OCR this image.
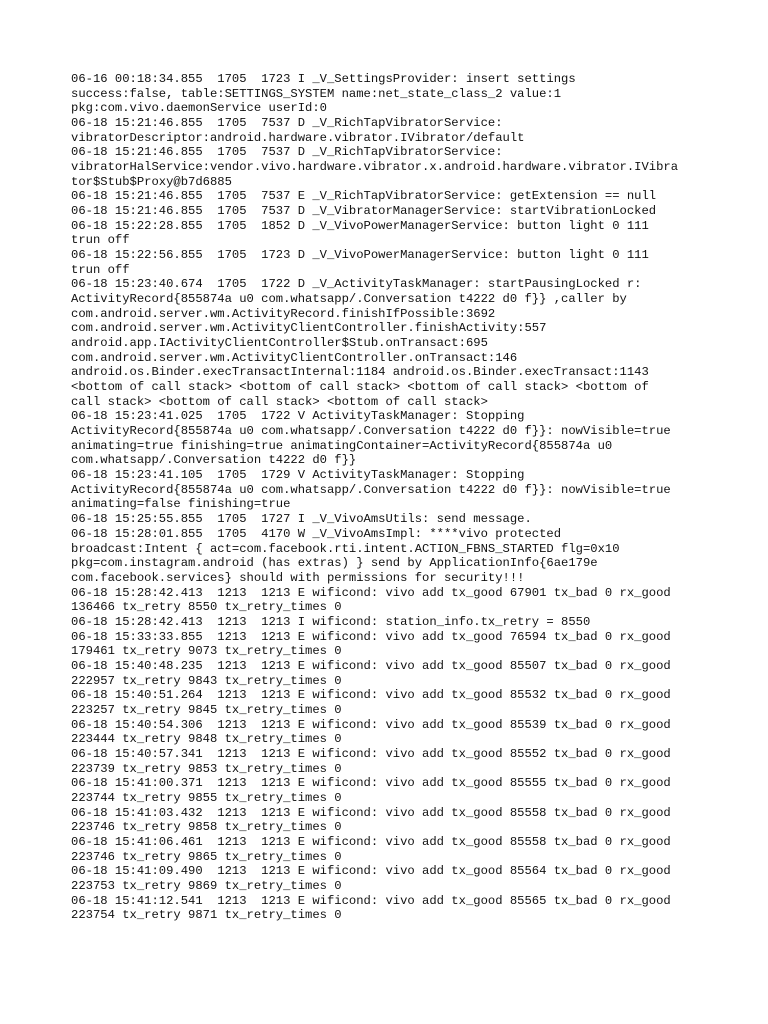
06-16 00:18:34.855  1705  1723 I _V_SettingsProvider: insert settings
success:false, table:SETTINGS_SYSTEM name:net_state_class_2 value:1
pkg:com.vivo.daemonService userId:0
06-18 15:21:46.855  1705  7537 D _V_RichTapVibratorService:
vibratorDescriptor:android.hardware.vibrator.IVibrator/default
06-18 15:21:46.855  1705  7537 D _V_RichTapVibratorService:
vibratorHalService:vendor.vivo.hardware.vibrator.x.android.hardware.vibrator.IVibra
tor$Stub$Proxy@b7d6885
06-18 15:21:46.855  1705  7537 E _V_RichTapVibratorService: getExtension == null
06-18 15:21:46.855  1705  7537 D _V_VibratorManagerService: startVibrationLocked
06-18 15:22:28.855  1705  1852 D _V_VivoPowerManagerService: button light 0 111
trun off
06-18 15:22:56.855  1705  1723 D _V_VivoPowerManagerService: button light 0 111
trun off
06-18 15:23:40.674  1705  1722 D _V_ActivityTaskManager: startPausingLocked r:
ActivityRecord{855874a u0 com.whatsapp/.Conversation t4222 d0 f}} ,caller by
com.android.server.wm.ActivityRecord.finishIfPossible:3692
com.android.server.wm.ActivityClientController.finishActivity:557
android.app.IActivityClientController$Stub.onTransact:695
com.android.server.wm.ActivityClientController.onTransact:146
android.os.Binder.execTransactInternal:1184 android.os.Binder.execTransact:1143
<bottom of call stack> <bottom of call stack> <bottom of call stack> <bottom of
call stack> <bottom of call stack> <bottom of call stack>
06-18 15:23:41.025  1705  1722 V ActivityTaskManager: Stopping
ActivityRecord{855874a u0 com.whatsapp/.Conversation t4222 d0 f}}: nowVisible=true
animating=true finishing=true animatingContainer=ActivityRecord{855874a u0
com.whatsapp/.Conversation t4222 d0 f}}
06-18 15:23:41.105  1705  1729 V ActivityTaskManager: Stopping
ActivityRecord{855874a u0 com.whatsapp/.Conversation t4222 d0 f}}: nowVisible=true
animating=false finishing=true
06-18 15:25:55.855  1705  1727 I _V_VivoAmsUtils: send message.
06-18 15:28:01.855  1705  4170 W _V_VivoAmsImpl: ****vivo protected
broadcast:Intent { act=com.facebook.rti.intent.ACTION_FBNS_STARTED flg=0x10
pkg=com.instagram.android (has extras) } send by ApplicationInfo{6ae179e
com.facebook.services} should with permissions for security!!!
06-18 15:28:42.413  1213  1213 E wificond: vivo add tx_good 67901 tx_bad 0 rx_good
136466 tx_retry 8550 tx_retry_times 0
06-18 15:28:42.413  1213  1213 I wificond: station_info.tx_retry = 8550
06-18 15:33:33.855  1213  1213 E wificond: vivo add tx_good 76594 tx_bad 0 rx_good
179461 tx_retry 9073 tx_retry_times 0
06-18 15:40:48.235  1213  1213 E wificond: vivo add tx_good 85507 tx_bad 0 rx_good
222957 tx_retry 9843 tx_retry_times 0
06-18 15:40:51.264  1213  1213 E wificond: vivo add tx_good 85532 tx_bad 0 rx_good
223257 tx_retry 9845 tx_retry_times 0
06-18 15:40:54.306  1213  1213 E wificond: vivo add tx_good 85539 tx_bad 0 rx_good
223444 tx_retry 9848 tx_retry_times 0
06-18 15:40:57.341  1213  1213 E wificond: vivo add tx_good 85552 tx_bad 0 rx_good
223739 tx_retry 9853 tx_retry_times 0
06-18 15:41:00.371  1213  1213 E wificond: vivo add tx_good 85555 tx_bad 0 rx_good
223744 tx_retry 9855 tx_retry_times 0
06-18 15:41:03.432  1213  1213 E wificond: vivo add tx_good 85558 tx_bad 0 rx_good
223746 tx_retry 9858 tx_retry_times 0
06-18 15:41:06.461  1213  1213 E wificond: vivo add tx_good 85558 tx_bad 0 rx_good
223746 tx_retry 9865 tx_retry_times 0
06-18 15:41:09.490  1213  1213 E wificond: vivo add tx_good 85564 tx_bad 0 rx_good
223753 tx_retry 9869 tx_retry_times 0
06-18 15:41:12.541  1213  1213 E wificond: vivo add tx_good 85565 tx_bad 0 rx_good
223754 tx_retry 9871 tx_retry_times 0
